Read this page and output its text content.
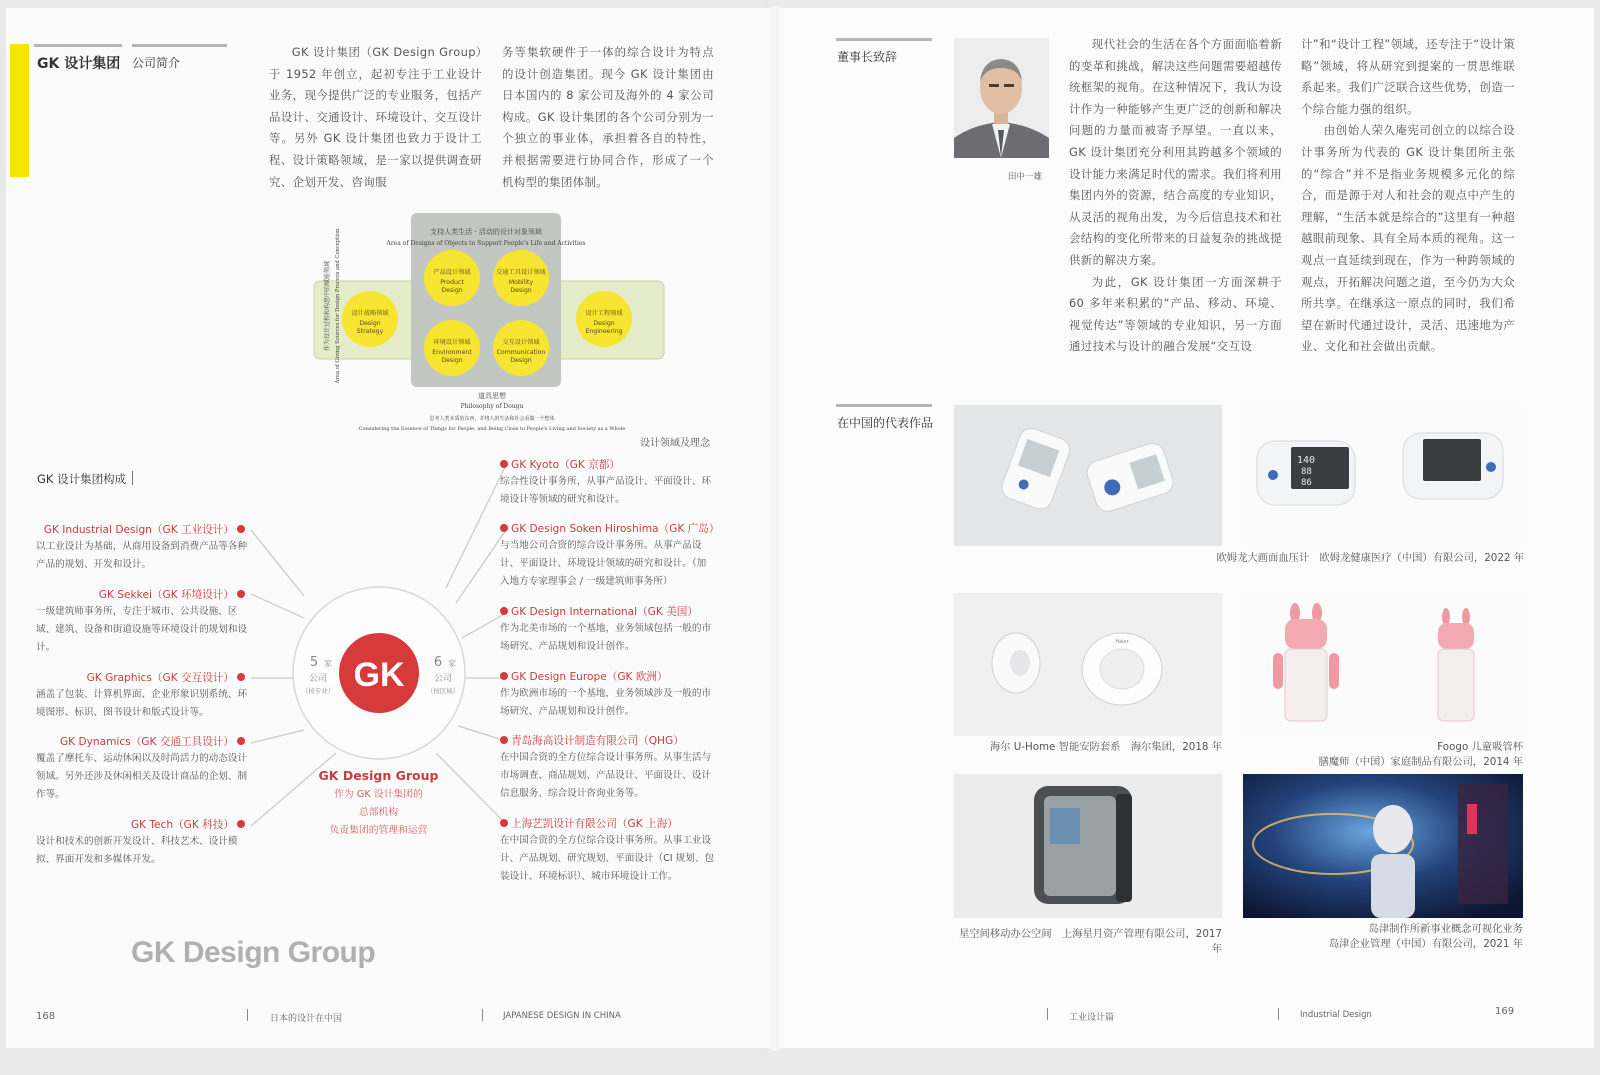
GK 设计集团 公司简介

GK 设计集团（GK Design Group）于 1952 年创立，起初专注于工业设计业务，现今提供广泛的专业服务，包括产品设计、交通设计、环境设计、交互设计等。另外 GK 设计集团也致力于设计工程、设计策略领域，是一家以提供调查研究、企划开发、咨询服

务等集软硬件于一体的综合设计为特点的设计创造集团。现今 GK 设计集团由日本国内的 8 家公司及海外的 4 家公司构成。GK 设计集团的各个公司分别为一个独立的事业体，承担着各自的特性，并根据需要进行协同合作，形成了一个机构型的集团体制。
产品设计领域
Product
Design
交通工具设计领域
Mobility
Design
环境设计领域
Environment
Design
交互设计领域
Communication
Design
设计战略领域
Design
Strategy
设计工程领域
Design
Engineering
支持人类生活 · 活动的设计对象领域
Area of Designs of Objects to Support People's Life and Activities
道具思想
Philosophy of Dougu
思考人类本质的东西，并将人的生活和社会看做一个整体
Considering the Essence of Things for People, and Being Close to People's Living and Society as a Whole
作为设计过程和构思中的赋能领域 Area of Giving Sources for Design Process and Conception
设计领域及理念
GK 设计集团构成
GK
5 家
公司
（按专业）
6 家
公司
（按区域）
GK Design Group
作为 GK 设计集团的
总部机构
负责集团的管理和运营
GK Industrial Design（GK 工业设计）
以工业设计为基础，从商用设备到消费产品等各种产品的规划、开发和设计。
GK Sekkei（GK 环境设计）
一级建筑师事务所，专注于城市、公共设施、区域、建筑、设备和街道设施等环境设计的规划和设计。
GK Graphics（GK 交互设计）
涵盖了包装、计算机界面、企业形象识别系统、环境图形、标识、图书设计和版式设计等。
GK Dynamics（GK 交通工具设计）
覆盖了摩托车、运动休闲以及时尚活力的动态设计领域。另外还涉及休闲相关及设计商品的企划、制作等。
GK Tech（GK 科技）
设计和技术的创新开发设计、科技艺术、设计模拟、界面开发和多媒体开发。
GK Kyoto（GK 京都）
综合性设计事务所，从事产品设计、平面设计、环境设计等领域的研究和设计。
GK Design Soken Hiroshima（GK 广岛）
与当地公司合资的综合设计事务所。从事产品设计、平面设计、环境设计领域的研究和设计。（加入地方专家理事会 / 一级建筑师事务所）
GK Design International（GK 美国）
作为北美市场的一个基地，业务领域包括一般的市场研究、产品规划和设计创作。
GK Design Europe（GK 欧洲）
作为欧洲市场的一个基地，业务领域涉及一般的市场研究、产品规划和设计创作。
青岛海高设计制造有限公司（QHG）
在中国合资的全方位综合设计事务所。从事生活与市场调查、商品规划、产品设计、平面设计、设计信息服务、综合设计咨询业务等。
上海艺凯设计有限公司（GK 上海）
在中国合资的全方位综合设计事务所。从事工业设计、产品规划、研究规划、平面设计（CI 规划、包装设计、环境标识）、城市环境设计工作。
GK Design Group
168	日本的设计在中国	JAPANESE DESIGN IN CHINA
董事长致辞
田中一雄

现代社会的生活在各个方面面临着新的变革和挑战，解决这些问题需要超越传统框架的视角。在这种情况下，我认为设计作为一种能够产生更广泛的创新和解决问题的力量而被寄予厚望。一直以来，GK 设计集团充分利用其跨越多个领域的设计能力来满足时代的需求。我们将利用集团内外的资源，结合高度的专业知识，从灵活的视角出发，为今后信息技术和社会结构的变化所带来的日益复杂的挑战提供新的解决方案。

为此，GK 设计集团一方面深耕于 60 多年来积累的“产品、移动、环境、视觉传达”等领域的专业知识，另一方面通过技术与设计的融合发展“交互设

计”和“设计工程”领域，还专注于“设计策略”领域，将从研究到提案的一贯思维联系起来。我们广泛联合这些优势，创造一个综合能力强的组织。

由创始人荣久庵宪司创立的以综合设计事务所为代表的 GK 设计集团所主张的“综合”并不是指业务规模多元化的综合，而是源于对人和社会的观点中产生的理解，“生活本就是综合的”这里有一种超越眼前现象、具有全局本质的视角。这一观点一直延续到现在，作为一种跨领域的观点，开拓解决问题之道，至今仍为大众所共享。在继承这一原点的同时，我们希望在新时代通过设计，灵活、迅速地为产业、文化和社会做出贡献。

在中国的代表作品
140
88
86
欧姆龙大画面血压计　 欧姆龙健康医疗（中国）有限公司，2022 年
Haier
海尔 U-Home 智能安防套系　海尔集团，2018 年	Foogo 儿童吸管杯
膳魔师（中国）家庭制品有限公司，2014 年
星空间移动办公空间　上海星月资产管理有限公司，2017 年
岛津制作所新事业概念可视化业务
岛津企业管理（中国）有限公司，2021 年
工业设计篇	Industrial Design	169
